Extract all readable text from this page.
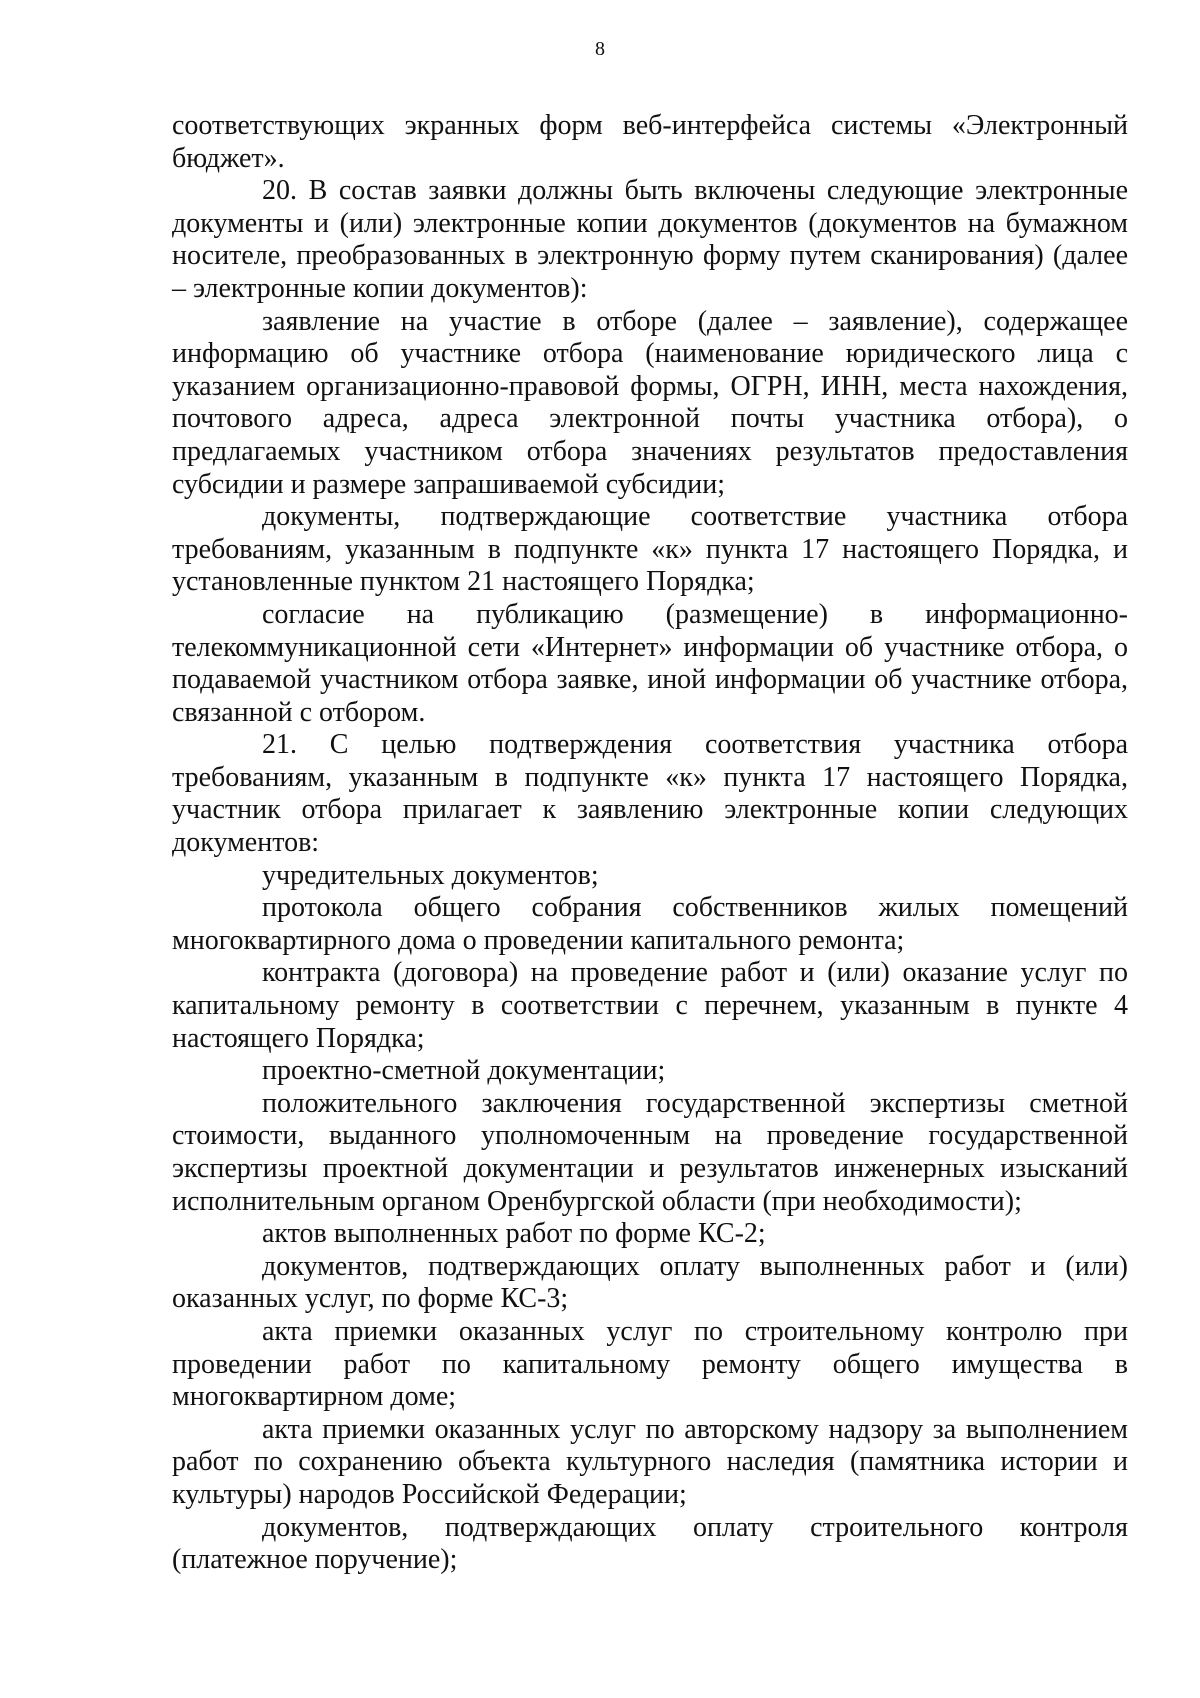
8

соответствующих экранных форм веб-интерфейса системы «Электронный бюджет».

20. В состав заявки должны быть включены следующие электронные документы и (или) электронные копии документов (документов на бумажном носителе, преобразованных в электронную форму путем сканирования) (далее – электронные копии документов):

заявление на участие в отборе (далее – заявление), содержащее информацию об участнике отбора (наименование юридического лица с указанием организационно-правовой формы, ОГРН, ИНН, места нахождения, почтового адреса, адреса электронной почты участника отбора), о предлагаемых участником отбора значениях результатов предоставления субсидии и размере запрашиваемой субсидии;

документы, подтверждающие соответствие участника отбора требованиям, указанным в подпункте «к» пункта 17 настоящего Порядка, и установленные пунктом 21 настоящего Порядка;

согласие на публикацию (размещение) в информационно-телекоммуникационной сети «Интернет» информации об участнике отбора, о подаваемой участником отбора заявке, иной информации об участнике отбора, связанной с отбором.

21. С целью подтверждения соответствия участника отбора требованиям, указанным в подпункте «к» пункта 17 настоящего Порядка, участник отбора прилагает к заявлению электронные копии следующих документов:

учредительных документов;

протокола общего собрания собственников жилых помещений многоквартирного дома о проведении капитального ремонта;

контракта (договора) на проведение работ и (или) оказание услуг по капитальному ремонту в соответствии с перечнем, указанным в пункте 4 настоящего Порядка;

проектно-сметной документации;

положительного заключения государственной экспертизы сметной стоимости, выданного уполномоченным на проведение государственной экспертизы проектной документации и результатов инженерных изысканий исполнительным органом Оренбургской области (при необходимости);

актов выполненных работ по форме КС-2;

документов, подтверждающих оплату выполненных работ и (или) оказанных услуг, по форме КС-3;

акта приемки оказанных услуг по строительному контролю при проведении работ по капитальному ремонту общего имущества в многоквартирном доме;

акта приемки оказанных услуг по авторскому надзору за выполнением работ по сохранению объекта культурного наследия (памятника истории и культуры) народов Российской Федерации;

документов, подтверждающих оплату строительного контроля (платежное поручение);
